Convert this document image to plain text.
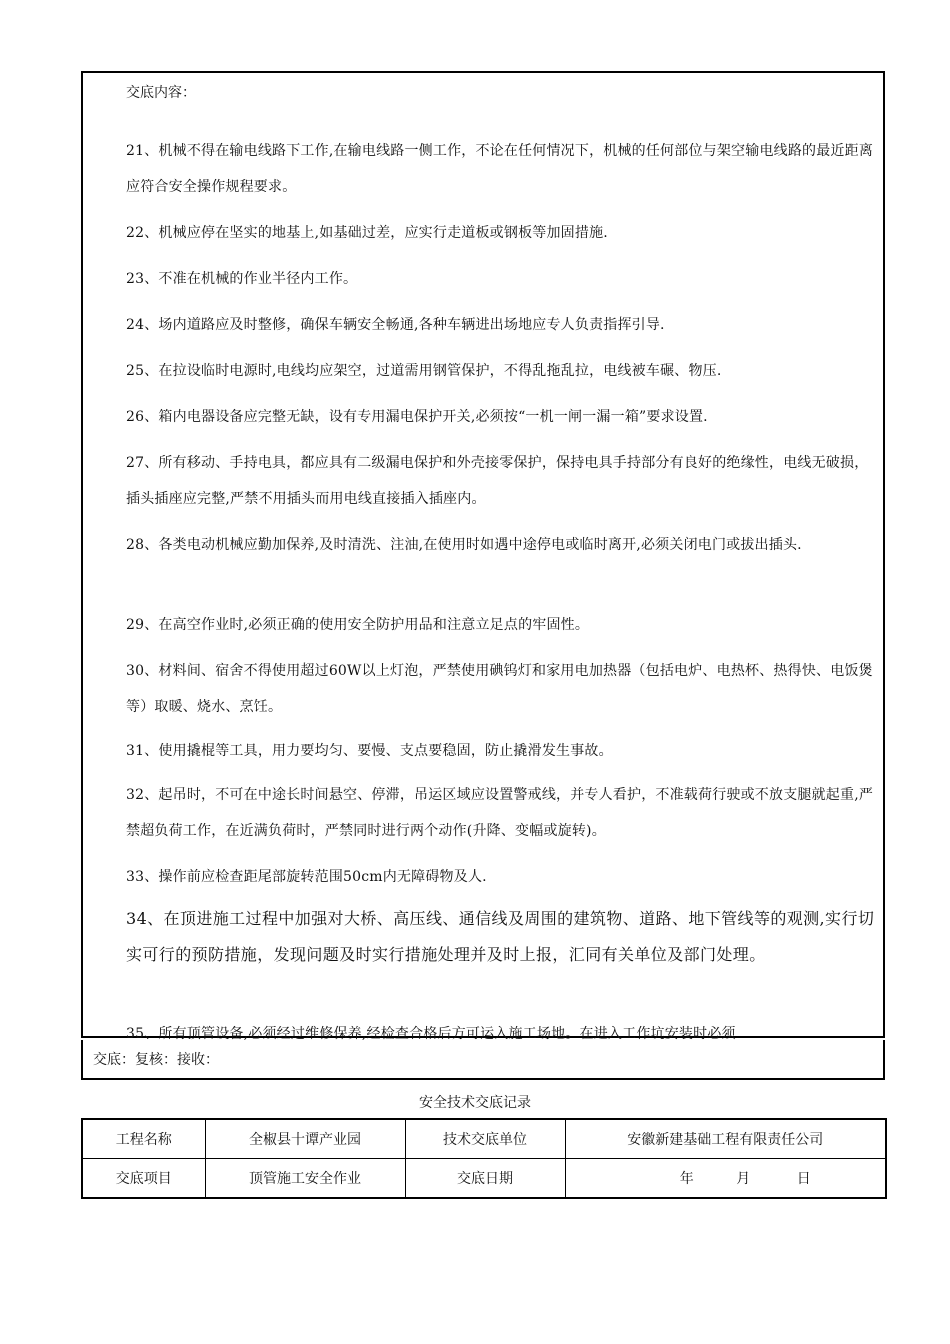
交底内容：
21、机械不得在输电线路下工作,在输电线路一侧工作，不论在任何情况下，机械的任何部位与架空输电线路的最近距离应符合安全操作规程要求。
22、机械应停在坚实的地基上,如基础过差，应实行走道板或钢板等加固措施.
23、不准在机械的作业半径内工作。
24、场内道路应及时整修，确保车辆安全畅通,各种车辆进出场地应专人负责指挥引导.
25、在拉设临时电源时,电线均应架空，过道需用钢管保护，不得乱拖乱拉，电线被车碾、物压.
26、箱内电器设备应完整无缺，设有专用漏电保护开关,必须按“一机一闸一漏一箱”要求设置.
27、所有移动、手持电具，都应具有二级漏电保护和外壳接零保护，保持电具手持部分有良好的绝缘性，电线无破损，插头插座应完整,严禁不用插头而用电线直接插入插座内。
28、各类电动机械应勤加保养,及时清洗、注油,在使用时如遇中途停电或临时离开,必须关闭电门或拔出插头.
29、在高空作业时,必须正确的使用安全防护用品和注意立足点的牢固性。
30、材料间、宿舍不得使用超过60W以上灯泡，严禁使用碘钨灯和家用电加热器（包括电炉、电热杯、热得快、电饭煲等）取暖、烧水、烹饪。
31、使用撬棍等工具，用力要均匀、要慢、支点要稳固，防止撬滑发生事故。
32、起吊时，不可在中途长时间悬空、停滞，吊运区域应设置警戒线，并专人看护，不准载荷行驶或不放支腿就起重,严禁超负荷工作，在近满负荷时，严禁同时进行两个动作(升降、变幅或旋转)。
33、操作前应检查距尾部旋转范围50cm内无障碍物及人.
34、在顶进施工过程中加强对大桥、高压线、通信线及周围的建筑物、道路、地下管线等的观测,实行切实可行的预防措施，发现问题及时实行措施处理并及时上报，汇同有关单位及部门处理。
35、所有顶管设备,必须经过维修保养,经检查合格后方可运入施工场地。在进入工作坑安装时必须
交底：复核：接收：
安全技术交底记录
工程名称	全椒县十谭产业园	技术交底单位	安徽新建基础工程有限责任公司
交底项目	顶管施工安全作业	交底日期	年 月 日
